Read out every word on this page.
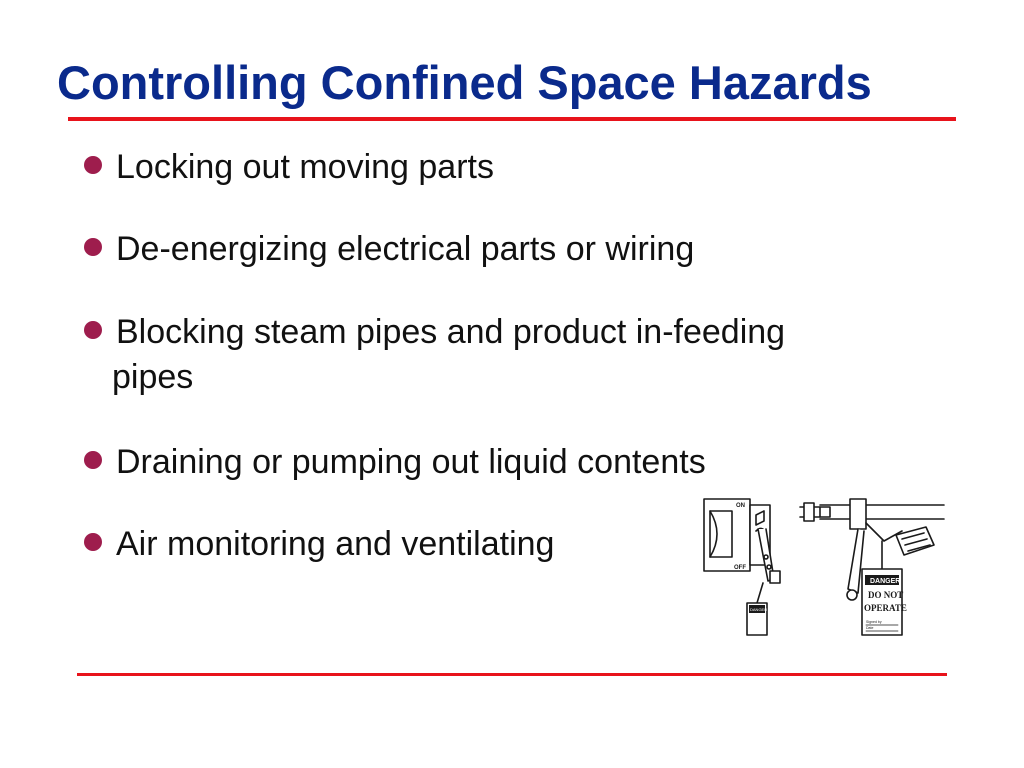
Controlling Confined Space Hazards
Locking out moving parts
De-energizing electrical parts or wiring
Blocking steam pipes and product in-feeding
pipes
Draining or pumping out liquid contents
Air monitoring and ventilating
ON
OFF
DANGER
DANGER
DO NOT
OPERATE
Signed by
Date
